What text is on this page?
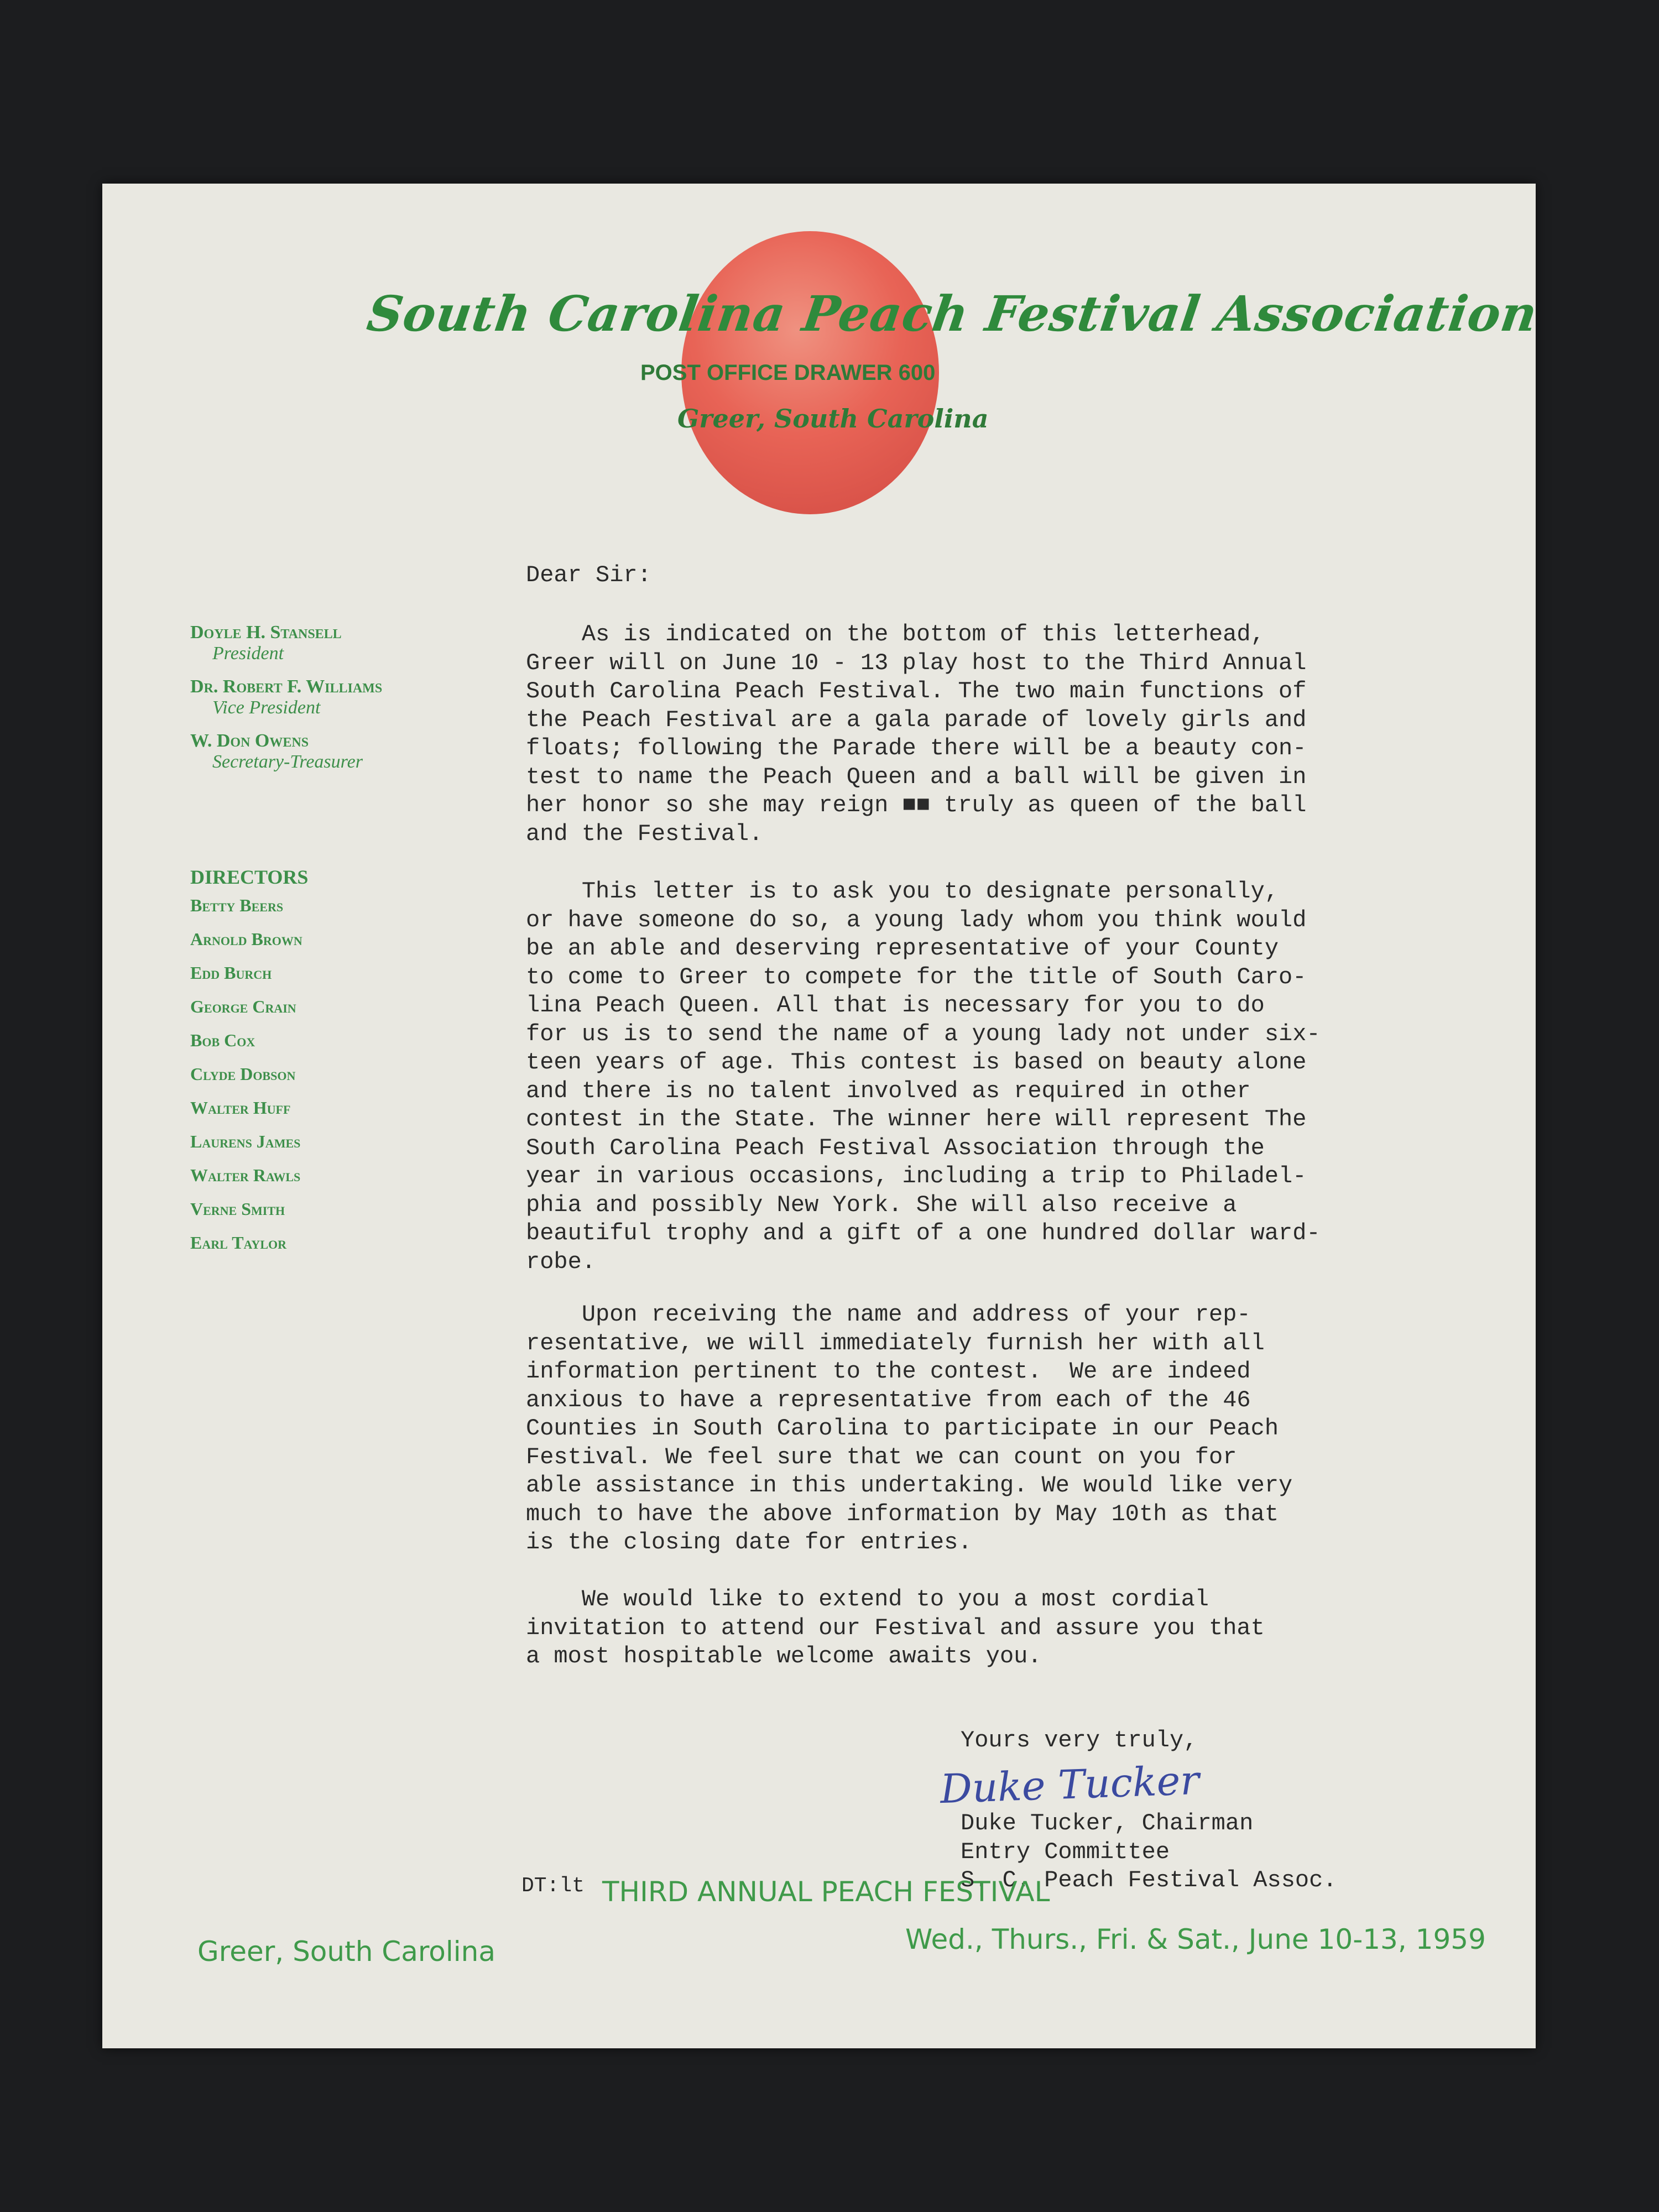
South Carolina Peach Festival Association
POST OFFICE DRAWER 600
Greer, South Carolina
Doyle H. Stansell
President
Dr. Robert F. Williams
Vice President
W. Don Owens
Secretary-Treasurer
DIRECTORS
Betty Beers
Arnold Brown
Edd Burch
George Crain
Bob Cox
Clyde Dobson
Walter Huff
Laurens James
Walter Rawls
Verne Smith
Earl Taylor
Dear Sir:
As is indicated on the bottom of this letterhead,
Greer will on June 10 - 13 play host to the Third Annual
South Carolina Peach Festival. The two main functions of
the Peach Festival are a gala parade of lovely girls and
floats; following the Parade there will be a beauty con-
test to name the Peach Queen and a ball will be given in
her honor so she may reign ■■ truly as queen of the ball
and the Festival.
This letter is to ask you to designate personally,
or have someone do so, a young lady whom you think would
be an able and deserving representative of your County
to come to Greer to compete for the title of South Caro-
lina Peach Queen. All that is necessary for you to do
for us is to send the name of a young lady not under six-
teen years of age. This contest is based on beauty alone
and there is no talent involved as required in other
contest in the State. The winner here will represent The
South Carolina Peach Festival Association through the
year in various occasions, including a trip to Philadel-
phia and possibly New York. She will also receive a
beautiful trophy and a gift of a one hundred dollar ward-
robe.
Upon receiving the name and address of your rep-
resentative, we will immediately furnish her with all
information pertinent to the contest.  We are indeed
anxious to have a representative from each of the 46
Counties in South Carolina to participate in our Peach
Festival. We feel sure that we can count on you for
able assistance in this undertaking. We would like very
much to have the above information by May 10th as that
is the closing date for entries.
We would like to extend to you a most cordial
invitation to attend our Festival and assure you that
a most hospitable welcome awaits you.
Yours very truly,
Duke Tucker
Duke Tucker, Chairman
Entry Committee
S. C. Peach Festival Assoc.
DT:lt THIRD ANNUAL PEACH FESTIVAL
Greer, South Carolina	Wed., Thurs., Fri. & Sat., June 10-13, 1959
